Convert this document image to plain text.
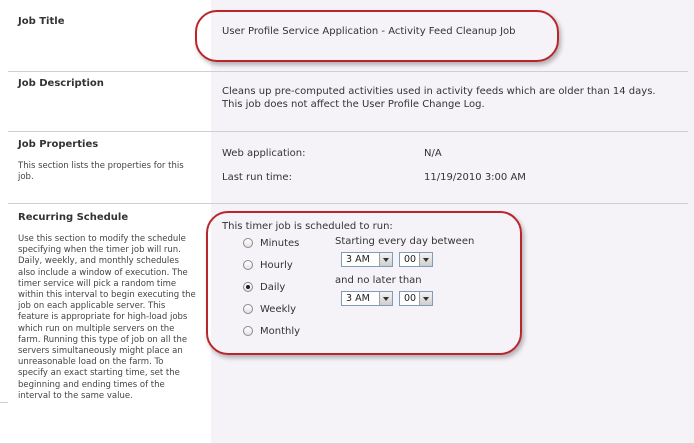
Job Title
User Profile Service Application - Activity Feed Cleanup Job
Job Description
Cleans up pre-computed activities used in activity feeds which are older than 14 days.
This job does not affect the User Profile Change Log.
Job Properties
This section lists the properties for this job.
Web application:	N/A
Last run time:	11/19/2010 3:00 AM
Recurring Schedule
Use this section to modify the schedule specifying when the timer job will run. Daily, weekly, and monthly schedules also include a window of execution. The timer service will pick a random time within this interval to begin executing the job on each applicable server. This feature is appropriate for high-load jobs which run on multiple servers on the farm. Running this type of job on all the servers simultaneously might place an unreasonable load on the farm. To specify an exact starting time, set the beginning and ending times of the interval to the same value.
This timer job is scheduled to run:
Minutes
Hourly
Daily
Weekly
Monthly
Starting every day between
3 AM	00
and no later than
3 AM	00
